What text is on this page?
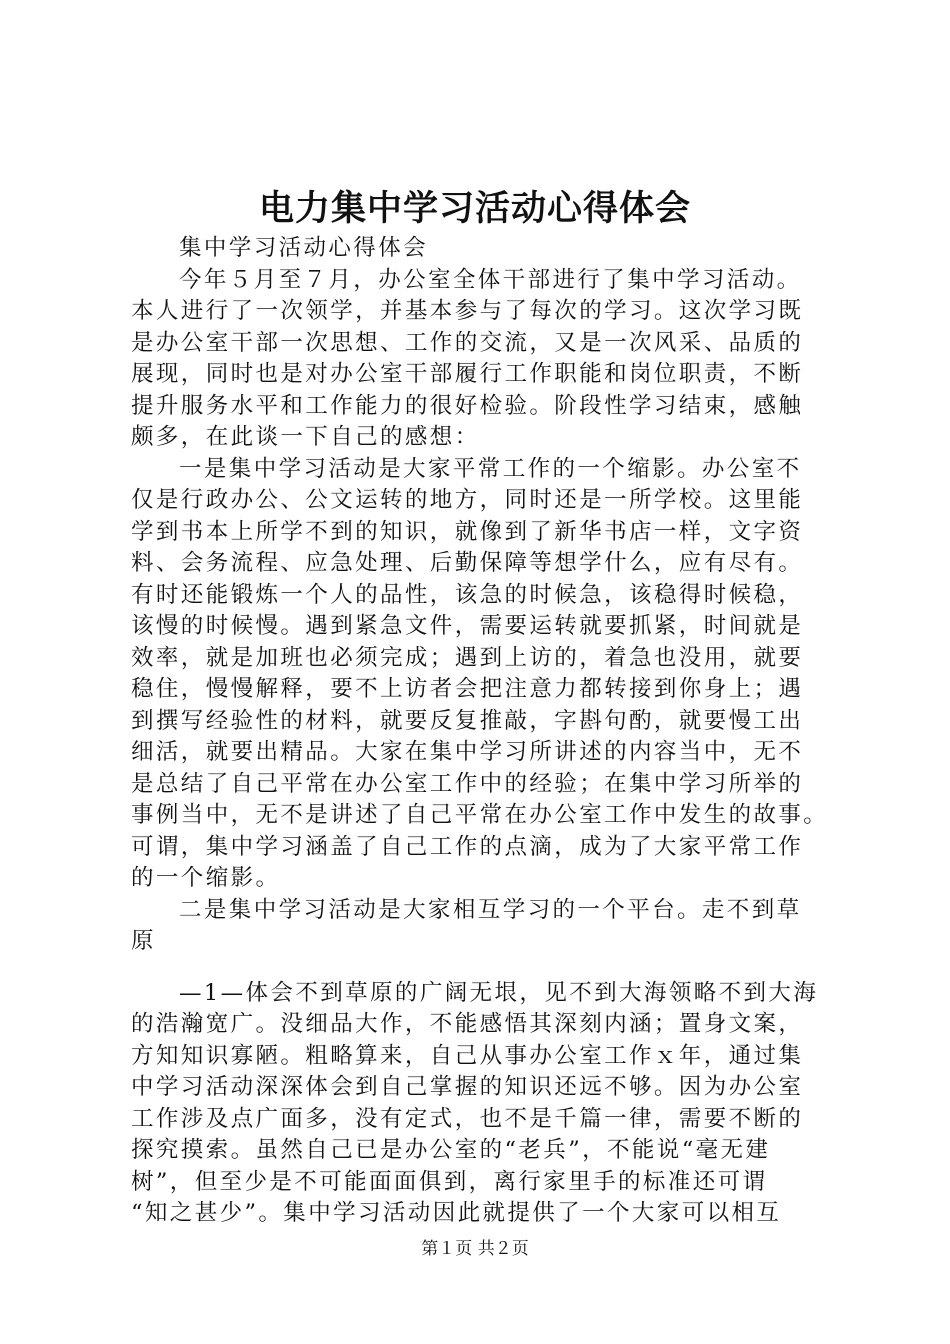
电力集中学习活动心得体会
集中学习活动心得体会
今年５月至７月，办公室全体干部进行了集中学习活动。
本人进行了一次领学，并基本参与了每次的学习。这次学习既
是办公室干部一次思想、工作的交流，又是一次风采、品质的
展现，同时也是对办公室干部履行工作职能和岗位职责，不断
提升服务水平和工作能力的很好检验。阶段性学习结束，感触
颇多，在此谈一下自己的感想：
一是集中学习活动是大家平常工作的一个缩影。办公室不
仅是行政办公、公文运转的地方，同时还是一所学校。这里能
学到书本上所学不到的知识，就像到了新华书店一样，文字资
料、会务流程、应急处理、后勤保障等想学什么，应有尽有。
有时还能锻炼一个人的品性，该急的时候急，该稳得时候稳，
该慢的时候慢。遇到紧急文件，需要运转就要抓紧，时间就是
效率，就是加班也必须完成；遇到上访的，着急也没用，就要
稳住，慢慢解释，要不上访者会把注意力都转接到你身上；遇
到撰写经验性的材料，就要反复推敲，字斟句酌，就要慢工出
细活，就要出精品。大家在集中学习所讲述的内容当中，无不
是总结了自己平常在办公室工作中的经验；在集中学习所举的
事例当中，无不是讲述了自己平常在办公室工作中发生的故事。
可谓，集中学习涵盖了自己工作的点滴，成为了大家平常工作
的一个缩影。
二是集中学习活动是大家相互学习的一个平台。走不到草
原
—1—体会不到草原的广阔无垠，见不到大海领略不到大海
的浩瀚宽广。没细品大作，不能感悟其深刻内涵；置身文案，
方知知识寡陋。粗略算来，自己从事办公室工作ｘ年，通过集
中学习活动深深体会到自己掌握的知识还远不够。因为办公室
工作涉及点广面多，没有定式，也不是千篇一律，需要不断的
探究摸索。虽然自己已是办公室的“老兵”，不能说“毫无建
树”，但至少是不可能面面俱到，离行家里手的标准还可谓
“知之甚少”。集中学习活动因此就提供了一个大家可以相互
第１页 共２页
